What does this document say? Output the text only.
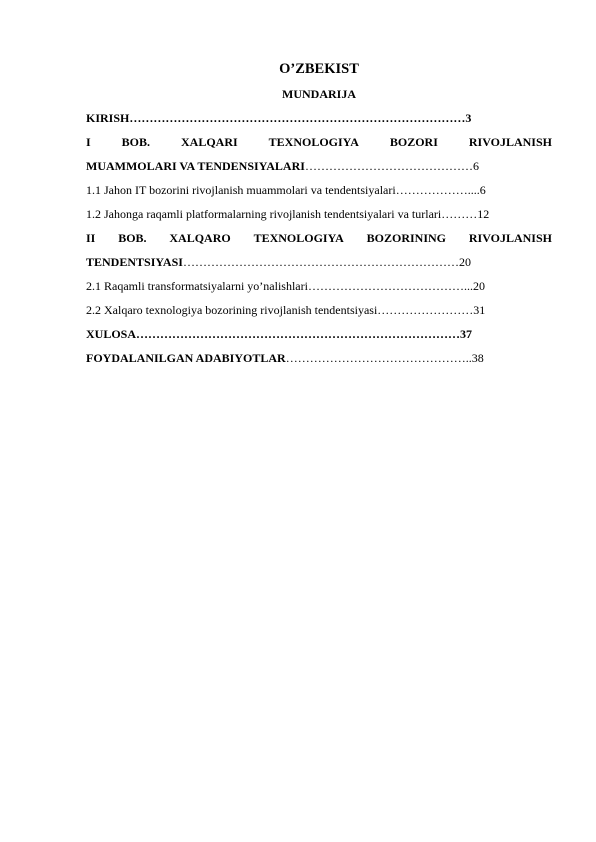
O’ZBEKIST
MUNDARIJA
KIRISH…………………………………………………………………………3
I	BOB.	XALQARI	TEXNOLOGIYA	BOZORI	RIVOJLANISH
MUAMMOLARI VA TENDENSIYALARI……………………………………6
1.1 Jahon IT bozorini rivojlanish muammolari va tendentsiyalari………………....6
1.2 Jahonga raqamli platformalarning rivojlanish tendentsiyalari va turlari………12
II BOB. XALQARO TEXNOLOGIYA BOZORINING RIVOJLANISH
TENDENTSIYASI……………………………………………………………20
2.1 Raqamli transformatsiyalarni yo’nalishlari…………………………………...20
2.2 Xalqaro texnologiya bozorining rivojlanish tendentsiyasi……………………31
XULOSA………………………………………………………………………37
FOYDALANILGAN ADABIYOTLAR………………………………………..38
